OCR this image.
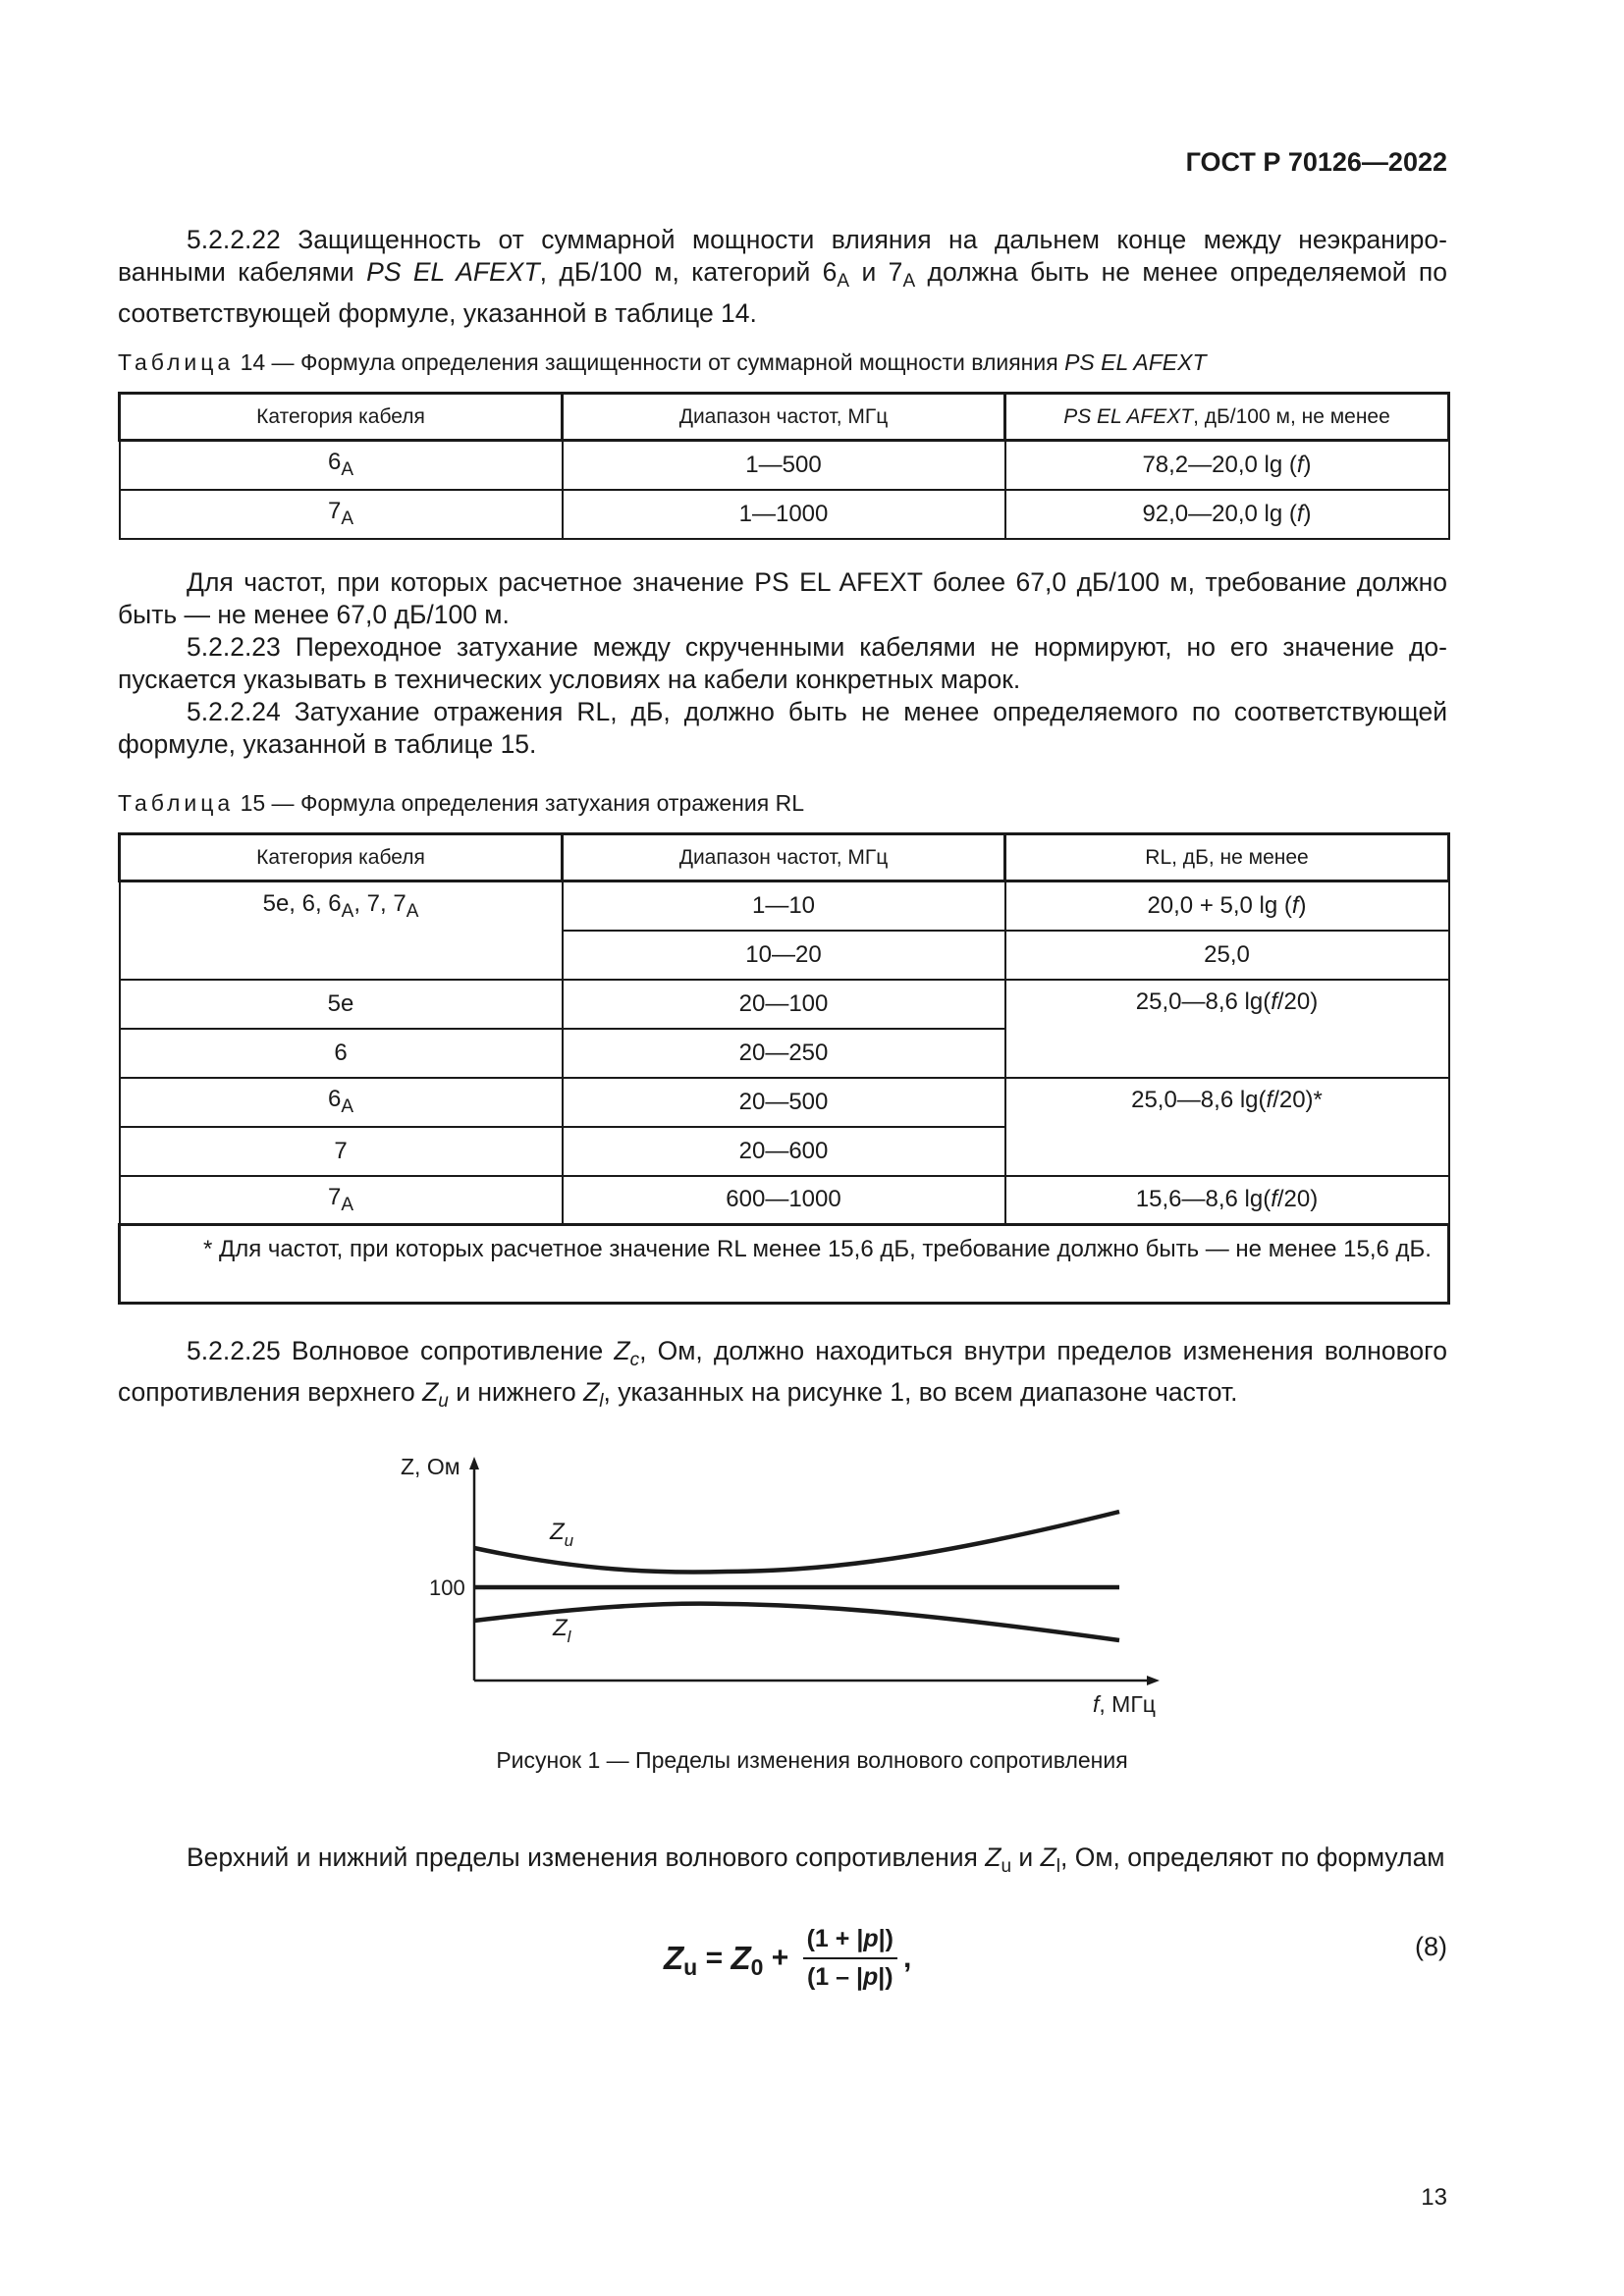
ГОСТ Р 70126—2022
5.2.2.22 Защищенность от суммарной мощности влияния на дальнем конце между неэкранированными кабелями PS EL AFEXT, дБ/100 м, категорий $6_A$ и $7_A$ должна быть не менее определяемой по соответствующей формуле, указанной в таблице 14.
Таблица 14 — Формула определения защищенности от суммарной мощности влияния PS EL AFEXT
Категория кабеля	Диапазон частот, МГц	PS EL AFEXT, дБ/100 м, не менее
$6_A$	1—500	78,2—20,0 lg (f)
$7_A$	1—1000	92,0—20,0 lg (f)
Для частот, при которых расчетное значение PS EL AFEXT более 67,0 дБ/100 м, требование должно быть — не менее 67,0 дБ/100 м.
5.2.2.23 Переходное затухание между скрученными кабелями не нормируют, но его значение допускается указывать в технических условиях на кабели конкретных марок.
5.2.2.24 Затухание отражения RL, дБ, должно быть не менее определяемого по соответствующей формуле, указанной в таблице 15.
Таблица 15 — Формула определения затухания отражения RL
Категория кабеля	Диапазон частот, МГц	RL, дБ, не менее
5e, 6, $6_A$, 7, $7_A$	1—10	20,0 + 5,0 lg (f)
	10—20	25,0
5e	20—100	25,0—8,6 lg(f/20)
6	20—250	
$6_A$	20—500	25,0—8,6 lg(f/20)*
7	20—600	
$7_A$	600—1000	15,6—8,6 lg(f/20)
* Для частот, при которых расчетное значение RL менее 15,6 дБ, требование должно быть — не менее 15,6 дБ.		
5.2.2.25 Волновое сопротивление $Z_c$, Ом, должно находиться внутри пределов изменения волнового сопротивления верхнего $Z_u$ и нижнего $Z_l$, указанных на рисунке 1, во всем диапазоне частот.
Z, Ом
100
$Z_u$
$Z_l$
f, МГц
Рисунок 1 — Пределы изменения волнового сопротивления
Верхний и нижний пределы изменения волнового сопротивления $Z_u$ и $Z_l$, Ом, определяют по формулам
Z u = Z 0 +
(1 + |p|)
(1 – |p|)
,	(8)
13
